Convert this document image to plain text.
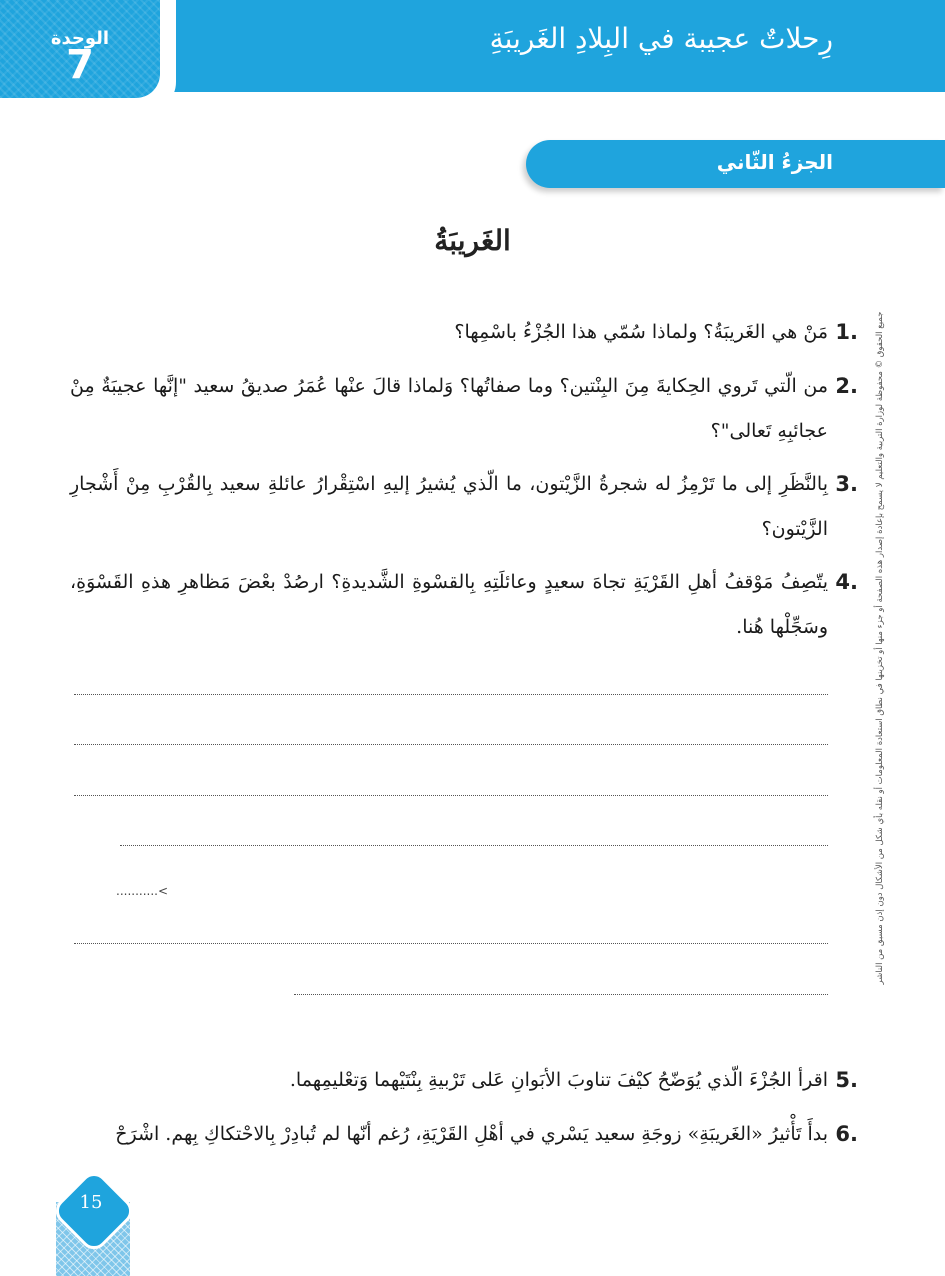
رِحلاتٌ عجيبة في البِلادِ الغَريبَةِ
الوحدة
7
الجزءُ الثّاني
الغَريبَةُ
جميع الحقوق © محفوظة لوزارة التربية والتعليم لا يسمح بإعادة إصدار هذه الصفحة أو جزء منها أو تخزينها في نطاق استعادة المعلومات أو نقله بأي شكل من الأشكال دون إذن مسبق من الناشر
1.
مَنْ هي الغَريبَةُ؟ ولماذا سُمّي هذا الجُزْءُ باسْمِها؟
2.
من الّتي تَروي الحِكايةَ مِنَ البِنْتين؟ وما صفاتُها؟ وَلماذا قالَ عنْها عُمَرُ صديقُ سعيد "إنَّها عجيبَةٌ مِنْ عجائبِهِ تَعالى"؟
3.
بِالنَّظَرِ إلى ما تَرْمِزُ له شجرةُ الزَّيْتون، ما الّذي يُشيرُ إليهِ اسْتِقْرارُ عائلةِ سعيد بِالقُرْبِ مِنْ أَشْجارِ الزَّيْتون؟
4.
يتّصِفُ مَوْقفُ أهلِ القَرْيَةِ تجاهَ سعيدٍ وعائلَتِهِ بِالقسْوةِ الشَّديدةِ؟ ارصُدْ بعْضَ مَظاهرِ هذهِ القَسْوَةِ، وسَجِّلْها هُنا.
...........<
5.
اقرأ الجُزْءَ الّذي يُوَضّحُ كيْفَ تناوبَ الأبَوانِ عَلى تَرْبيةِ بِنْتَيْهما وَتعْليمِهما.
6.
بدأَ تَأْثيرُ «الغَريبَةِ» زوجَةِ سعيد يَسْري في أهْلِ القَرْيَةِ، رُغم أنّها لم تُبادِرْ بِالاحْتكاكِ بِهم. اشْرَحْ
15
